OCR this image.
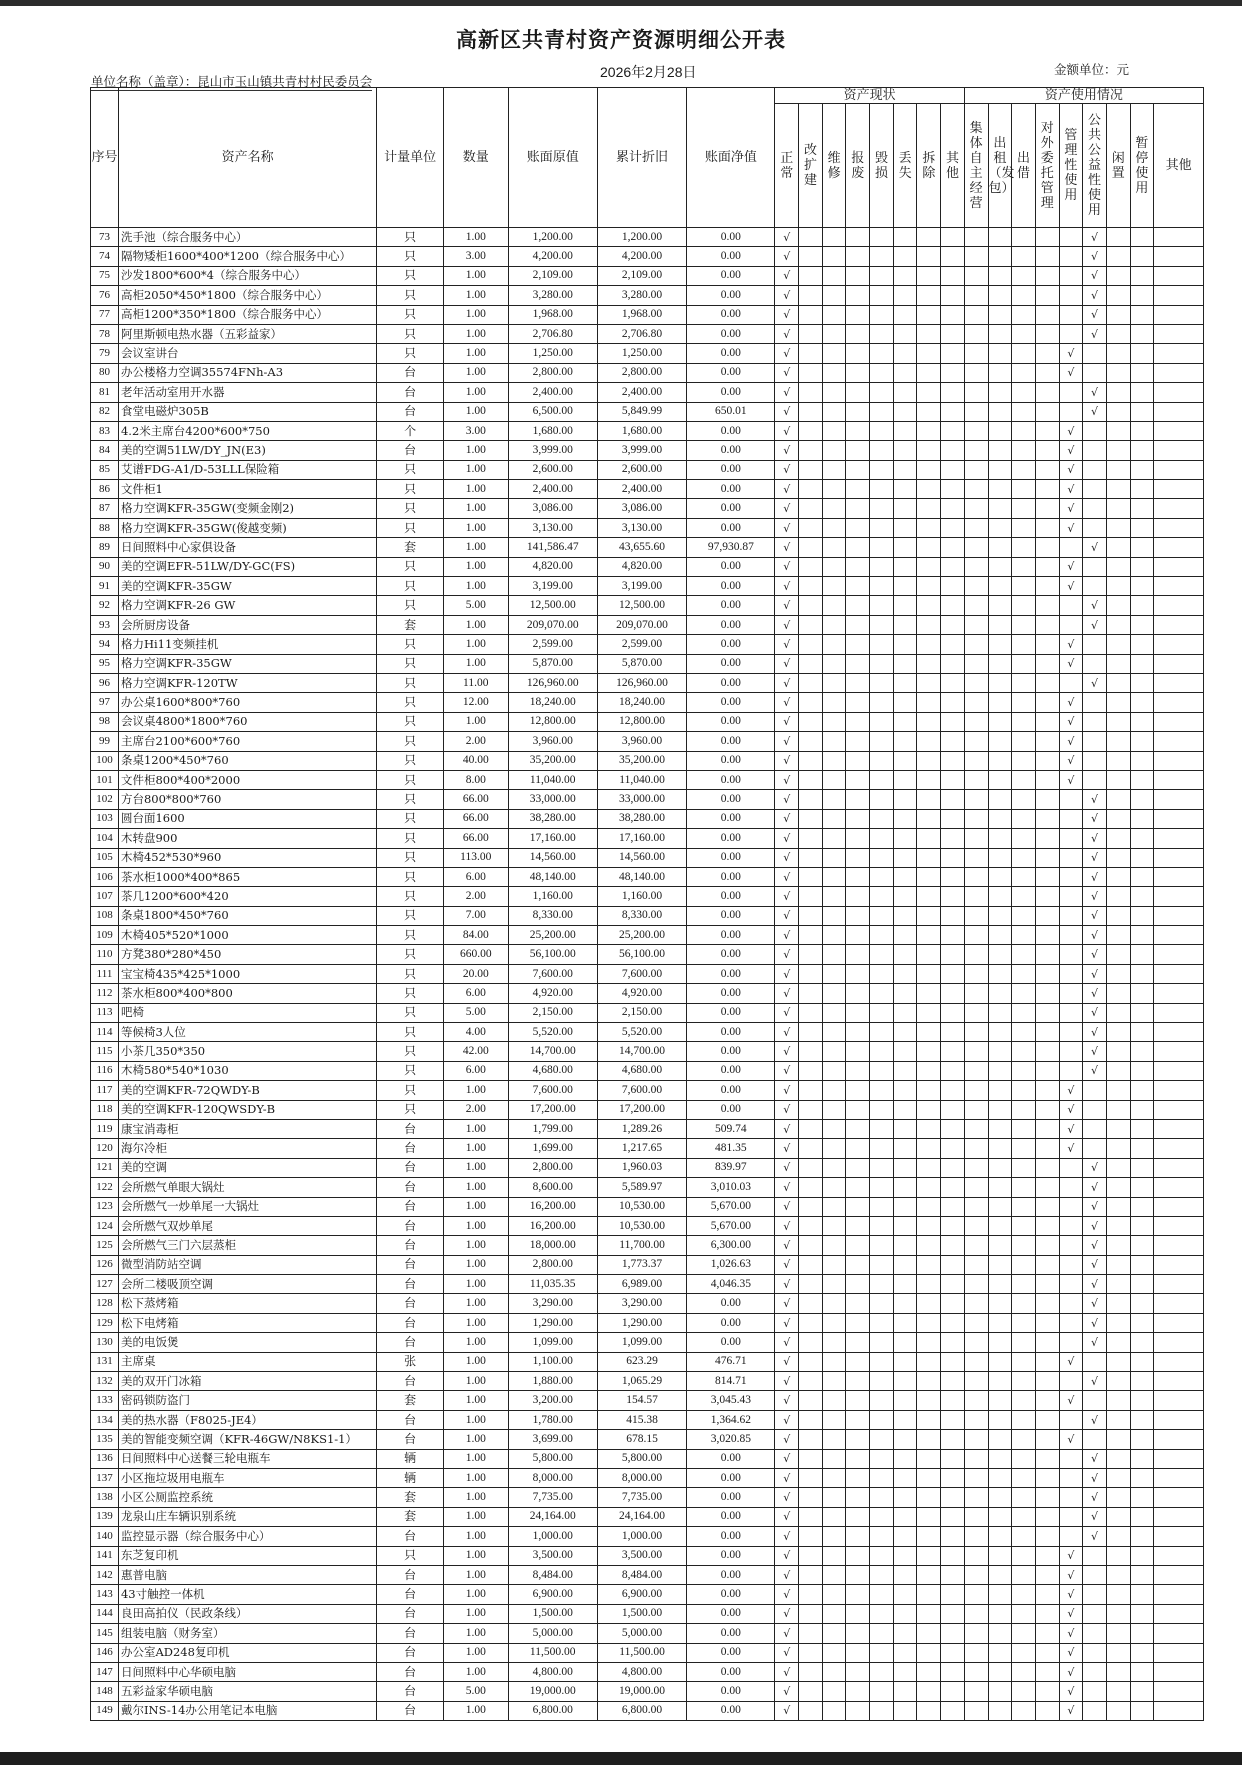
高新区共青村资产资源明细公开表
2026年2月28日
单位名称（盖章）：昆山市玉山镇共青村村民委员会
金额单位：元
序号	资产名称	计量单位	数量	账面原值	累计折旧	账面净值	资产现状								资产使用情况								
							正常	改扩建	维修	报废	毁损	丢失	拆除	其他	集体自主经营	出租（发包）	出借	对外委托管理	管理性使用	公共公益性使用	闲置	暂停使用	其他
73	洗手池（综合服务中心）	只	1.00	1,200.00	1,200.00	0.00	√													√			
74	隔物矮柜1600*400*1200（综合服务中心）	只	3.00	4,200.00	4,200.00	0.00	√													√			
75	沙发1800*600*4（综合服务中心）	只	1.00	2,109.00	2,109.00	0.00	√													√			
76	高柜2050*450*1800（综合服务中心）	只	1.00	3,280.00	3,280.00	0.00	√													√			
77	高柜1200*350*1800（综合服务中心）	只	1.00	1,968.00	1,968.00	0.00	√													√			
78	阿里斯顿电热水器（五彩益家）	只	1.00	2,706.80	2,706.80	0.00	√													√			
79	会议室讲台	只	1.00	1,250.00	1,250.00	0.00	√												√				
80	办公楼格力空调35574FNh-A3	台	1.00	2,800.00	2,800.00	0.00	√												√				
81	老年活动室用开水器	台	1.00	2,400.00	2,400.00	0.00	√													√			
82	食堂电磁炉305B	台	1.00	6,500.00	5,849.99	650.01	√													√			
83	4.2米主席台4200*600*750	个	3.00	1,680.00	1,680.00	0.00	√												√				
84	美的空调51LW/DY_JN(E3)	台	1.00	3,999.00	3,999.00	0.00	√												√				
85	艾谱FDG-A1/D-53LLL保险箱	只	1.00	2,600.00	2,600.00	0.00	√												√				
86	文件柜1	只	1.00	2,400.00	2,400.00	0.00	√												√				
87	格力空调KFR-35GW(变频金刚2)	只	1.00	3,086.00	3,086.00	0.00	√												√				
88	格力空调KFR-35GW(俊越变频)	只	1.00	3,130.00	3,130.00	0.00	√												√				
89	日间照料中心家俱设备	套	1.00	141,586.47	43,655.60	97,930.87	√													√			
90	美的空调EFR-51LW/DY-GC(FS)	只	1.00	4,820.00	4,820.00	0.00	√												√				
91	美的空调KFR-35GW	只	1.00	3,199.00	3,199.00	0.00	√												√				
92	格力空调KFR-26 GW	只	5.00	12,500.00	12,500.00	0.00	√													√			
93	会所厨房设备	套	1.00	209,070.00	209,070.00	0.00	√													√			
94	格力Hi11变频挂机	只	1.00	2,599.00	2,599.00	0.00	√												√				
95	格力空调KFR-35GW	只	1.00	5,870.00	5,870.00	0.00	√												√				
96	格力空调KFR-120TW	只	11.00	126,960.00	126,960.00	0.00	√													√			
97	办公桌1600*800*760	只	12.00	18,240.00	18,240.00	0.00	√												√				
98	会议桌4800*1800*760	只	1.00	12,800.00	12,800.00	0.00	√												√				
99	主席台2100*600*760	只	2.00	3,960.00	3,960.00	0.00	√												√				
100	条桌1200*450*760	只	40.00	35,200.00	35,200.00	0.00	√												√				
101	文件柜800*400*2000	只	8.00	11,040.00	11,040.00	0.00	√												√				
102	方台800*800*760	只	66.00	33,000.00	33,000.00	0.00	√													√			
103	圆台面1600	只	66.00	38,280.00	38,280.00	0.00	√													√			
104	木转盘900	只	66.00	17,160.00	17,160.00	0.00	√													√			
105	木椅452*530*960	只	113.00	14,560.00	14,560.00	0.00	√													√			
106	茶水柜1000*400*865	只	6.00	48,140.00	48,140.00	0.00	√													√			
107	茶几1200*600*420	只	2.00	1,160.00	1,160.00	0.00	√													√			
108	条桌1800*450*760	只	7.00	8,330.00	8,330.00	0.00	√													√			
109	木椅405*520*1000	只	84.00	25,200.00	25,200.00	0.00	√													√			
110	方凳380*280*450	只	660.00	56,100.00	56,100.00	0.00	√													√			
111	宝宝椅435*425*1000	只	20.00	7,600.00	7,600.00	0.00	√													√			
112	茶水柜800*400*800	只	6.00	4,920.00	4,920.00	0.00	√													√			
113	吧椅	只	5.00	2,150.00	2,150.00	0.00	√													√			
114	等候椅3人位	只	4.00	5,520.00	5,520.00	0.00	√													√			
115	小茶几350*350	只	42.00	14,700.00	14,700.00	0.00	√													√			
116	木椅580*540*1030	只	6.00	4,680.00	4,680.00	0.00	√													√			
117	美的空调KFR-72QWDY-B	只	1.00	7,600.00	7,600.00	0.00	√												√				
118	美的空调KFR-120QWSDY-B	只	2.00	17,200.00	17,200.00	0.00	√												√				
119	康宝消毒柜	台	1.00	1,799.00	1,289.26	509.74	√												√				
120	海尔冷柜	台	1.00	1,699.00	1,217.65	481.35	√												√				
121	美的空调	台	1.00	2,800.00	1,960.03	839.97	√													√			
122	会所燃气单眼大锅灶	台	1.00	8,600.00	5,589.97	3,010.03	√													√			
123	会所燃气一炒单尾一大锅灶	台	1.00	16,200.00	10,530.00	5,670.00	√													√			
124	会所燃气双炒单尾	台	1.00	16,200.00	10,530.00	5,670.00	√													√			
125	会所燃气三门六层蒸柜	台	1.00	18,000.00	11,700.00	6,300.00	√													√			
126	微型消防站空调	台	1.00	2,800.00	1,773.37	1,026.63	√													√			
127	会所二楼吸顶空调	台	1.00	11,035.35	6,989.00	4,046.35	√													√			
128	松下蒸烤箱	台	1.00	3,290.00	3,290.00	0.00	√													√			
129	松下电烤箱	台	1.00	1,290.00	1,290.00	0.00	√													√			
130	美的电饭煲	台	1.00	1,099.00	1,099.00	0.00	√													√			
131	主席桌	张	1.00	1,100.00	623.29	476.71	√												√				
132	美的双开门冰箱	台	1.00	1,880.00	1,065.29	814.71	√													√			
133	密码锁防盗门	套	1.00	3,200.00	154.57	3,045.43	√												√				
134	美的热水器（F8025-JE4）	台	1.00	1,780.00	415.38	1,364.62	√													√			
135	美的智能变频空调（KFR-46GW/N8KS1-1）	台	1.00	3,699.00	678.15	3,020.85	√												√				
136	日间照料中心送餐三轮电瓶车	辆	1.00	5,800.00	5,800.00	0.00	√													√			
137	小区拖垃圾用电瓶车	辆	1.00	8,000.00	8,000.00	0.00	√													√			
138	小区公厕监控系统	套	1.00	7,735.00	7,735.00	0.00	√													√			
139	龙泉山庄车辆识别系统	套	1.00	24,164.00	24,164.00	0.00	√													√			
140	监控显示器（综合服务中心）	台	1.00	1,000.00	1,000.00	0.00	√													√			
141	东芝复印机	只	1.00	3,500.00	3,500.00	0.00	√												√				
142	惠普电脑	台	1.00	8,484.00	8,484.00	0.00	√												√				
143	43寸触控一体机	台	1.00	6,900.00	6,900.00	0.00	√												√				
144	良田高拍仪（民政条线）	台	1.00	1,500.00	1,500.00	0.00	√												√				
145	组装电脑（财务室）	台	1.00	5,000.00	5,000.00	0.00	√												√				
146	办公室AD248复印机	台	1.00	11,500.00	11,500.00	0.00	√												√				
147	日间照料中心华硕电脑	台	1.00	4,800.00	4,800.00	0.00	√												√				
148	五彩益家华硕电脑	台	5.00	19,000.00	19,000.00	0.00	√												√				
149	戴尔INS-14办公用笔记本电脑	台	1.00	6,800.00	6,800.00	0.00	√												√				
